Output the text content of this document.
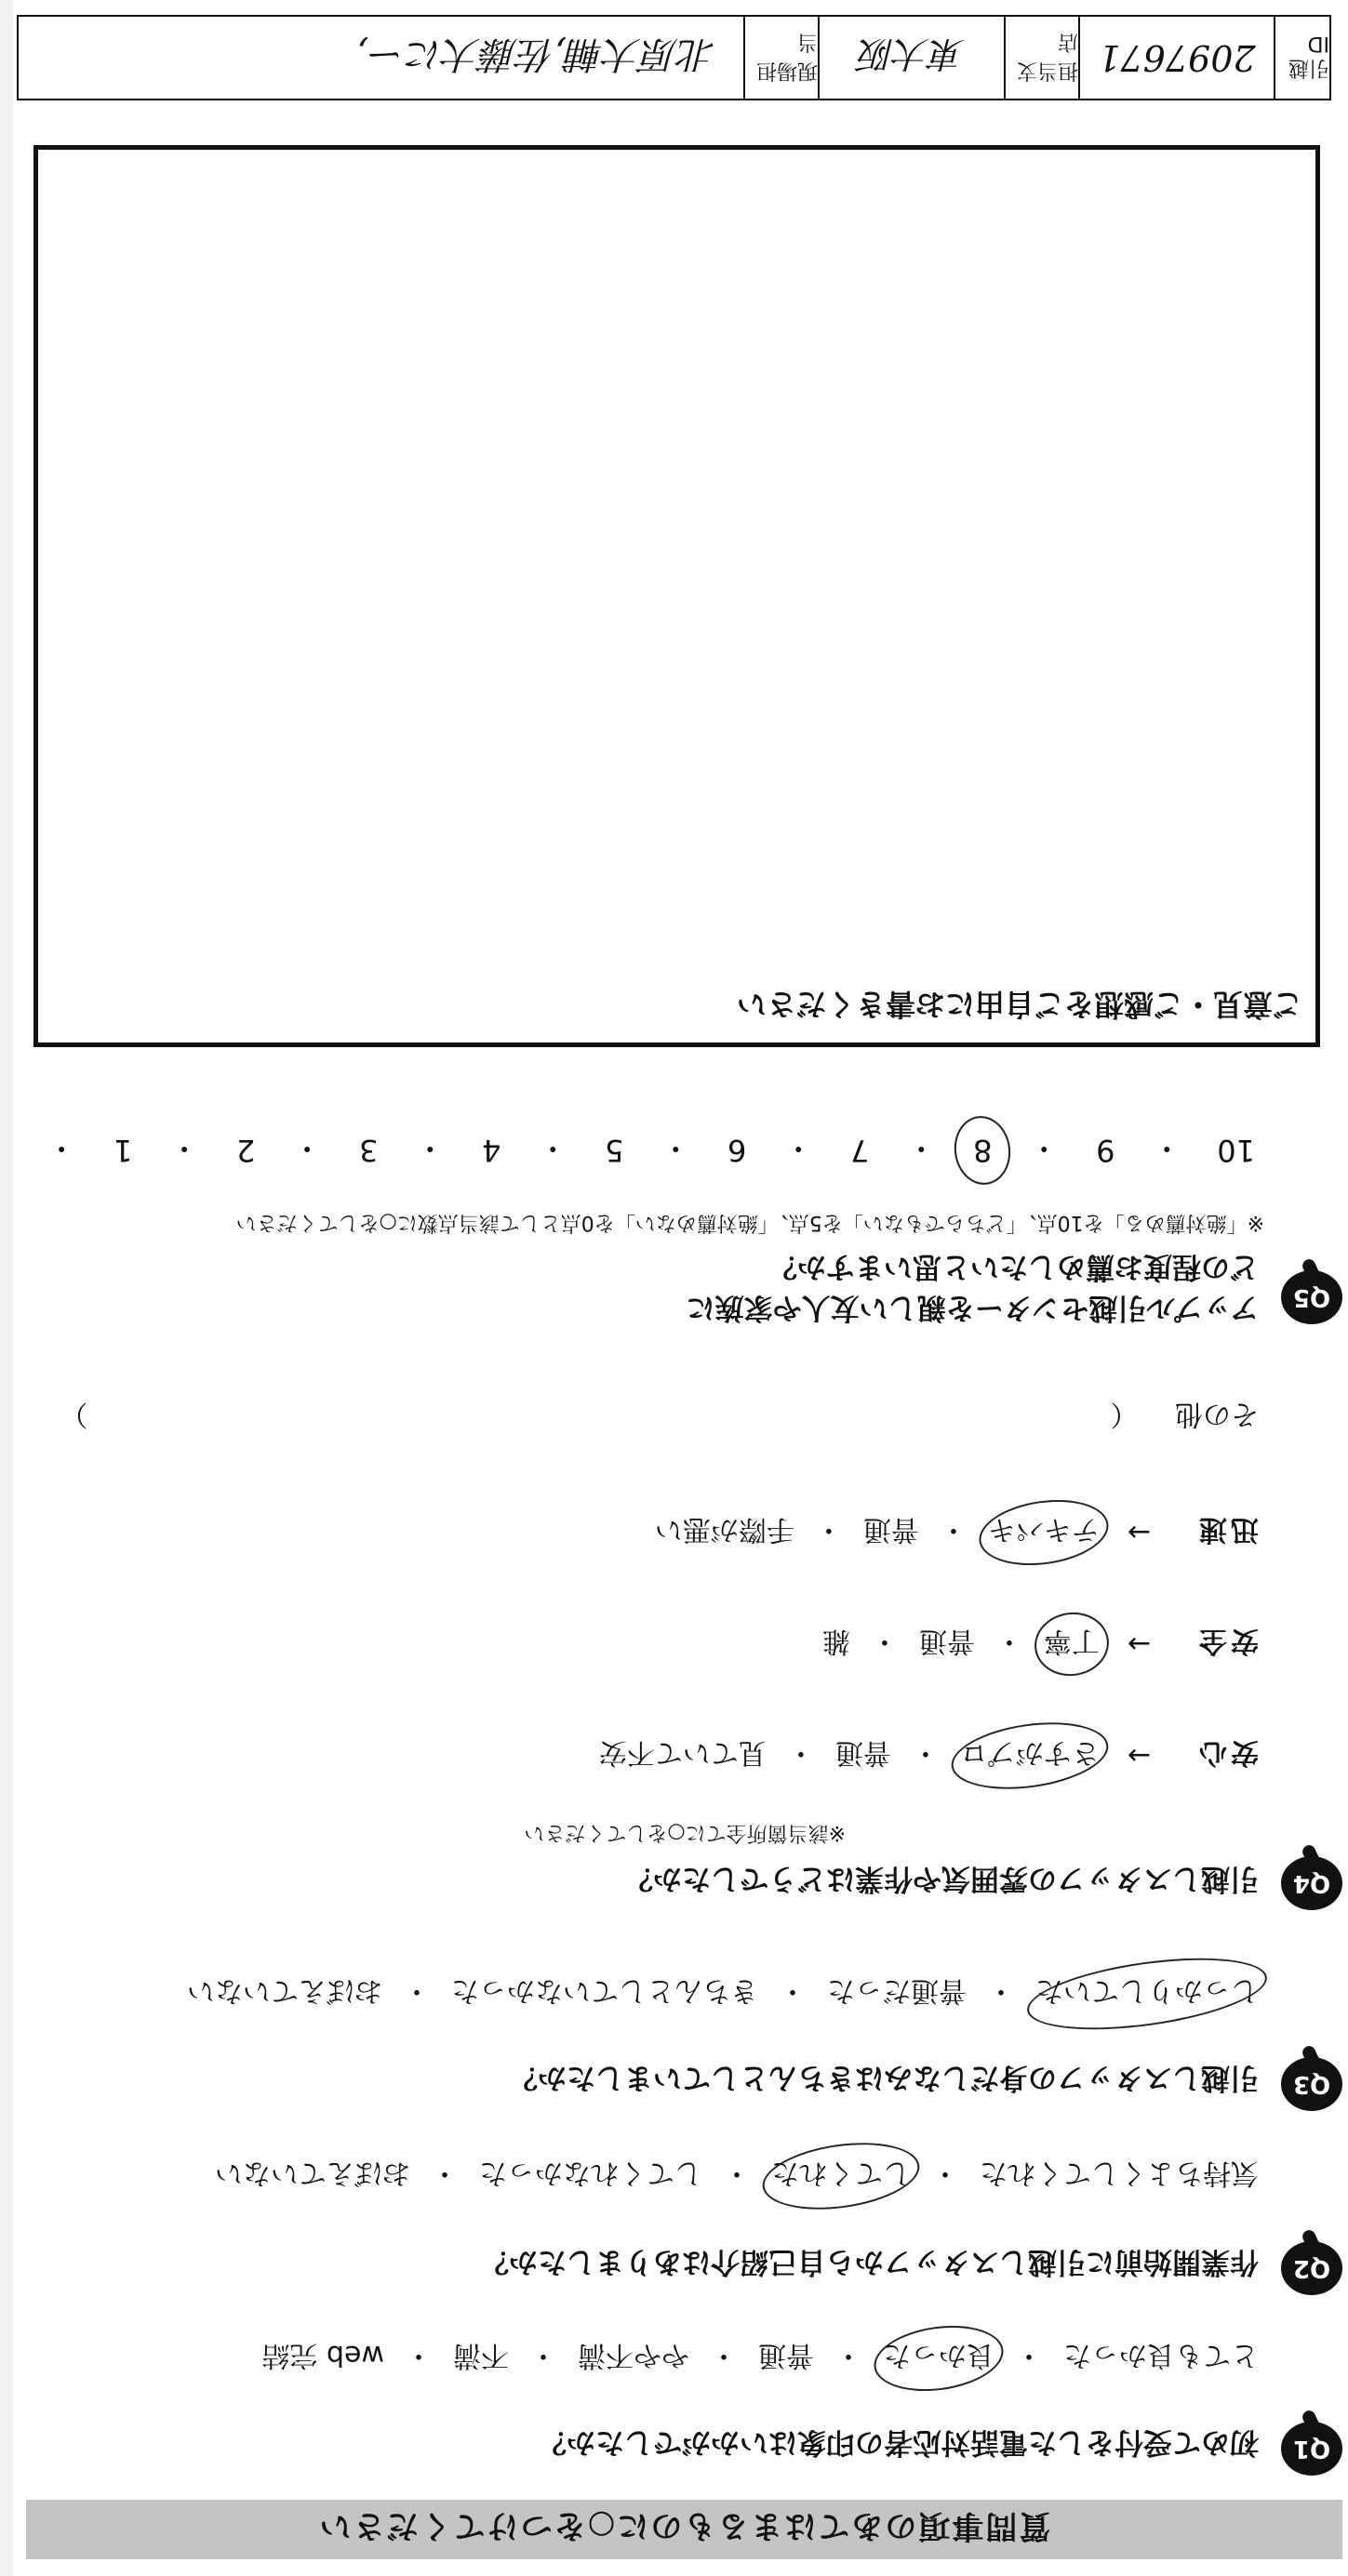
質問事項のあてはまるものに○をつけてください
Q1
初めて受付をした電話対応者の印象はいかがでしたか？
とても良かった
・
良かった
・
普通
・
やや不満
・
不満
・
web 完結
Q2
作業開始前に引越しスタッフから自己紹介はありましたか？
気持ちよくしてくれた
・
してくれた
・
してくれなかった
・
おぼえていない
Q3
引越しスタッフの身だしなみはきちんとしていましたか？
しっかりしていた
・
普通だった
・
きちんとしていなかった
・
おぼえていない
Q4
引越しスタッフの雰囲気や作業はどうでしたか？
※該当箇所全てに○をしてください
安心
→
さすがプロ
・
普通
・
見ていて不安
安全
→
丁寧
・
普通
・
雑
迅速
→
テキパキ
・
普通
・
手際が悪い
その他 （  ）
Q5
アップル引越センターを親しい友人や家族に
どの程度お薦めしたいと思いますか？
※「絶対薦める」を10点、「どちらでもない」を5点、「絶対薦めない」を0点として該当点数に○をしてください
10
・
9
・
8
・
7
・
6
・
5
・
4
・
3
・
2
・
1
・
ご意見・ご感想をご自由にお書きください
引越ID
2097671
担当支店
東大阪
現場担当
北原大輔,佐藤大にー,
